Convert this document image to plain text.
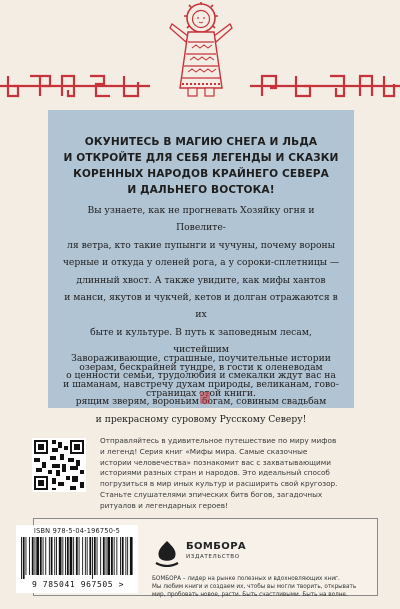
ОКУНИТЕСЬ В МАГИЮ СНЕГА И ЛЬДА
И ОТКРОЙТЕ ДЛЯ СЕБЯ ЛЕГЕНДЫ И СКАЗКИ
КОРЕННЫХ НАРОДОВ КРАЙНЕГО СЕВЕРА
И ДАЛЬНЕГО ВОСТОКА!
Вы узнаете, как не прогневать Хозяйку огня и Повелите-
ля ветра, кто такие пупынги и чучуны, почему вороны
черные и откуда у оленей рога, а у сороки-сплетницы —
длинный хвост. А также увидите, как мифы хантов
и манси, якутов и чукчей, кетов и долган отражаются в их
быте и культуре. В путь к заповедным лесам, чистейшим
озерам, бескрайней тундре, в гости к оленеводам
и шаманам, навстречу духам природы, великанам, гово-
рящим зверям, вороньим богам, совиным свадьбам
и прекрасному суровому Русскому Северу!
Завораживающие, страшные, поучительные истории
о ценности семьи, трудолюбия и смекалки ждут вас на
страницах этой книги.
Отправляйтесь в удивительное путешествие по миру мифов
и легенд! Серия книг «Мифы мира. Самые сказочные
истории человечества» познакомит вас с захватывающими
историями разных стран и народов. Это идеальный способ
погрузиться в мир иных культур и расширить свой кругозор.
Станьте слушателями эпических битв богов, загадочных
ритуалов и легендарных героев!
ISBN 978-5-04-196750-5
9 785041 967505 >
БОМБОРА
ИЗДАТЕЛЬСТВО
БОМБОРА – лидер на рынке полезных и вдохновляющих книг.
Мы любим книги и создаем их, чтобы вы могли творить, открывать
мир, пробовать новое, расти. Быть счастливыми. Быть на волне.
